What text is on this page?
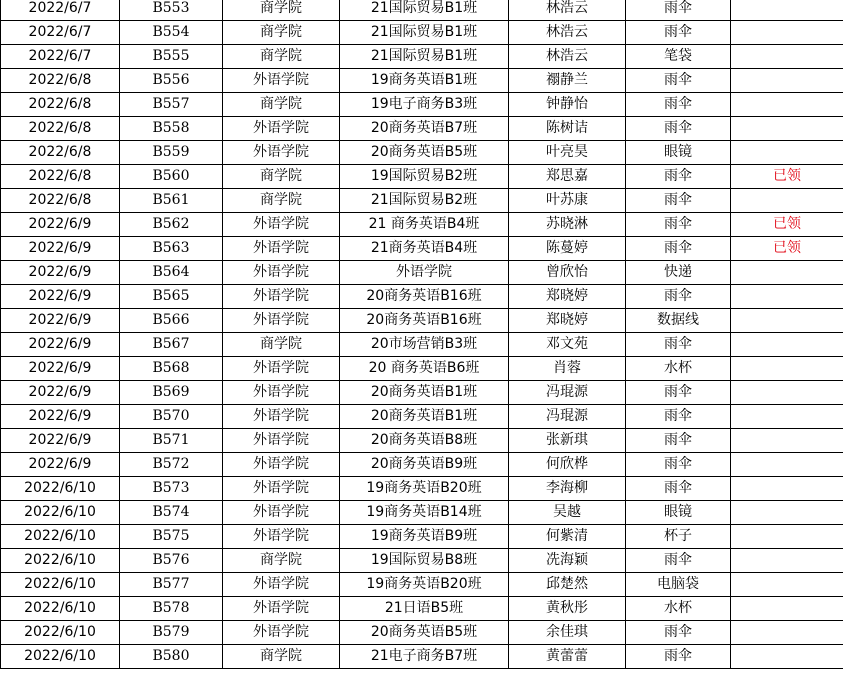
2022/6/7	B553	商学院	21国际贸易B1班	林浩云	雨伞	
2022/6/7	B554	商学院	21国际贸易B1班	林浩云	雨伞	
2022/6/7	B555	商学院	21国际贸易B1班	林浩云	笔袋	
2022/6/8	B556	外语学院	19商务英语B1班	禤静兰	雨伞	
2022/6/8	B557	商学院	19电子商务B3班	钟静怡	雨伞	
2022/6/8	B558	外语学院	20商务英语B7班	陈树诘	雨伞	
2022/6/8	B559	外语学院	20商务英语B5班	叶亮昊	眼镜	
2022/6/8	B560	商学院	19国际贸易B2班	郑思嘉	雨伞	已领
2022/6/8	B561	商学院	21国际贸易B2班	叶苏康	雨伞	
2022/6/9	B562	外语学院	21 商务英语B4班	苏晓淋	雨伞	已领
2022/6/9	B563	外语学院	21商务英语B4班	陈蔓婷	雨伞	已领
2022/6/9	B564	外语学院	外语学院	曾欣怡	快递	
2022/6/9	B565	外语学院	20商务英语B16班	郑晓婷	雨伞	
2022/6/9	B566	外语学院	20商务英语B16班	郑晓婷	数据线	
2022/6/9	B567	商学院	20市场营销B3班	邓文苑	雨伞	
2022/6/9	B568	外语学院	20 商务英语B6班	肖蓉	水杯	
2022/6/9	B569	外语学院	20商务英语B1班	冯琨源	雨伞	
2022/6/9	B570	外语学院	20商务英语B1班	冯琨源	雨伞	
2022/6/9	B571	外语学院	20商务英语B8班	张新琪	雨伞	
2022/6/9	B572	外语学院	20商务英语B9班	何欣桦	雨伞	
2022/6/10	B573	外语学院	19商务英语B20班	李海柳	雨伞	
2022/6/10	B574	外语学院	19商务英语B14班	吴越	眼镜	
2022/6/10	B575	外语学院	19商务英语B9班	何紫清	杯子	
2022/6/10	B576	商学院	19国际贸易B8班	冼海颖	雨伞	
2022/6/10	B577	外语学院	19商务英语B20班	邱楚然	电脑袋	
2022/6/10	B578	外语学院	21日语B5班	黄秋彤	水杯	
2022/6/10	B579	外语学院	20商务英语B5班	余佳琪	雨伞	
2022/6/10	B580	商学院	21电子商务B7班	黄蕾蕾	雨伞	
